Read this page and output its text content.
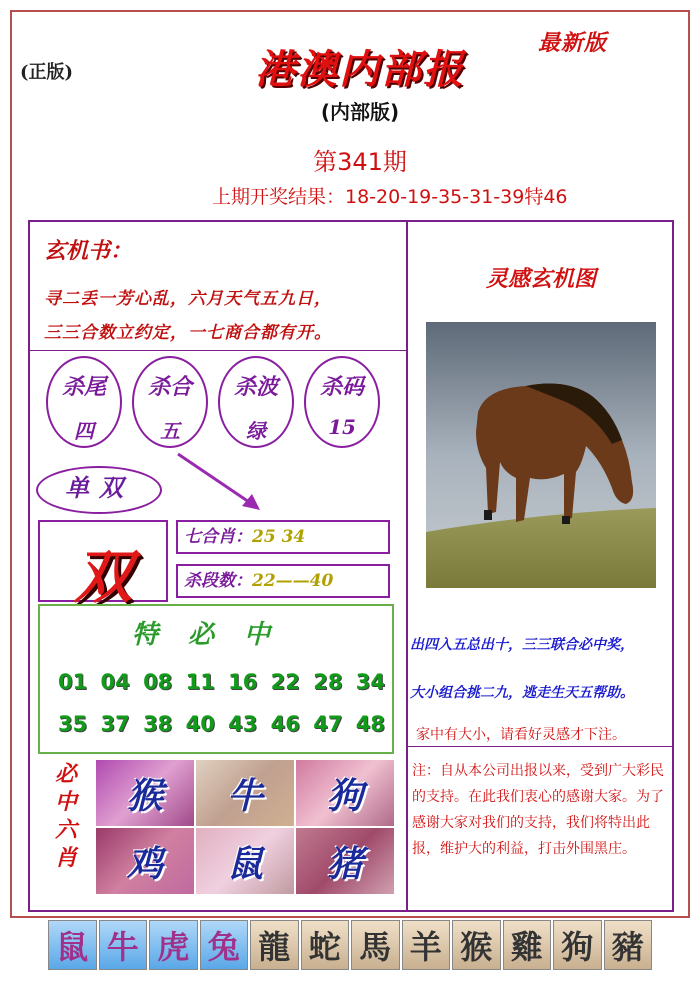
(正版)
最新版
港澳内部报
(内部版)
第341期
上期开奖结果：18-20-19-35-31-39特46
玄机书：
寻二丢一芳心乱，六月天气五九日，
三三合数立约定，一七商合都有开。
杀尾
四
杀合
五
杀波
绿
杀码
15
单双
双
七合肖：25 34
杀段数：22——40
特必中
01 04 08 11 16 22 28 34
35 37 38 40 43 46 47 48
必
中
六
肖
猴	牛	狗
鸡	鼠	猪
灵感玄机图
出四入五总出十，三三联合必中奖，
大小组合挑二九，逃走生天五帮助。
家中有大小，请看好灵感才下注。
注：自从本公司出报以来，受到广大彩民的支持。在此我们衷心的感谢大家。为了感谢大家对我们的支持，我们将特出此报，维护大的利益，打击外围黑庄。
鼠 牛 虎 兔 龍 蛇 馬 羊 猴 雞 狗 豬
